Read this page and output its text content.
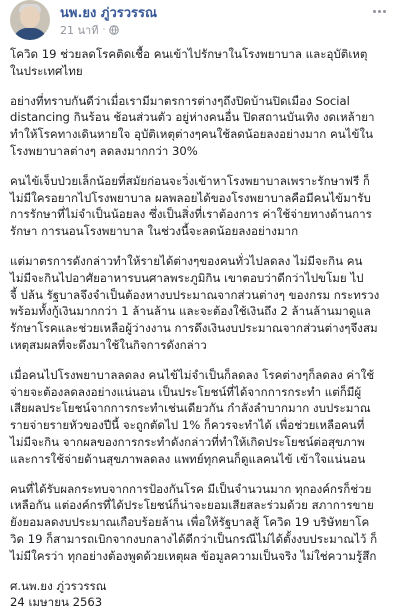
นพ.ยง ภู่วรวรรณ
21 นาที ·
โควิด 19 ช่วยลดโรคติดเชื้อ คนเข้าไปรักษาในโรงพยาบาล และอุบัติเหตุ
ในประเทศไทย
อย่างที่ทราบกันดีว่าเมื่อเรามีมาตรการต่างๆถึงปิดบ้านปิดเมือง Social
distancing กินร้อน ช้อนส่วนตัว อยู่ห่างคนอื่น ปิดสถานบันเทิง งดเหล้ายา
ทำให้โรคทางเดินหายใจ อุบัติเหตุต่างๆคนใช้ลดน้อยลงอย่างมาก คนไข้ใน
โรงพยาบาลต่างๆ ลดลงมากกว่า 30%
คนไข้เจ็บป่วยเล็กน้อยที่สมัยก่อนจะวิ่งเข้าหาโรงพยาบาลเพราะรักษาฟรี ก็
ไม่มีใครอยากไปโรงพยาบาล ผลพลอยได้ของโรงพยาบาลคือมีคนไข้มารับ
การรักษาที่ไม่จำเป็นน้อยลง ซึ่งเป็นสิ่งที่เราต้องการ ค่าใช้จ่ายทางด้านการ
รักษา การนอนโรงพยาบาล ในช่วงนี้จะลดน้อยลงอย่างมาก
แต่มาตรการดังกล่าวทำให้รายได้ต่างๆของคนทั่วไปลดลง ไม่มีจะกิน คน
ไม่มีจะกินไปอาศัยอาหารบนศาลพระภูมิกิน เขาตอบว่าดีกว่าไปขโมย ไป
จี้ ปล้น รัฐบาลจึงจำเป็นต้องหางบประมาณจากส่วนต่างๆ ของกรม กระทรวง
พร้อมทั้งกู้เงินมากกว่า 1 ล้านล้าน และจะต้องใช้เงินถึง 2 ล้านล้านมาดูแล
รักษาโรคและช่วยเหลือผู้ว่างงาน การดึงเงินงบประมาณจากส่วนต่างๆจึงสม
เหตุสมผลที่จะดึงมาใช้ในกิจการดังกล่าว
เมื่อคนไปโรงพยาบาลลดลง คนไข้ไม่จำเป็นก็ลดลง โรคต่างๆก็ลดลง ค่าใช้
จ่ายจะต้องลดลงอย่างแน่นอน เป็นประโยชน์ที่ได้จากการกระทำ แต่ก็มีผู้
เสียผลประโยชน์จากการกระทำเช่นเดียวกัน กำลังลำบากมาก งบประมาณ
รายจ่ายรายหัวของปีนี้ จะถูกตัดไป 1% ก็ควรจะทำได้ เพื่อช่วยเหลือคนที่
ไม่มีจะกิน จากผลของการกระทำดังกล่าวที่ทำให้เกิดประโยชน์ต่อสุขภาพ
และการใช้จ่ายด้านสุขภาพลดลง แพทย์ทุกคนก็ดูแลคนไข้ เข้าใจแน่นอน
คนที่ได้รับผลกระทบจากการป้องกันโรค มีเป็นจำนวนมาก ทุกองค์กรก็ช่วย
เหลือกัน แต่องค์กรที่ได้ประโยชน์ก็น่าจะยอมเสียสละร่วมด้วย สภาการขาย
ยังยอมลดงบประมาณเกือบร้อยล้าน เพื่อให้รัฐบาลสู้ โควิด 19 บริษัทยาโค
วิด 19 ก็สามารถเบิกจากงบกลางได้ดีกว่าเป็นกรณีไม่ได้ตั้งงบประมาณไว้ ก็
ไม่มีใครว่า ทุกอย่างต้องพูดด้วยเหตุผล ข้อมูลความเป็นจริง ไม่ใช่ความรู้สึก
ศ.นพ.ยง ภู่วรวรรณ
24 เมษายน 2563
